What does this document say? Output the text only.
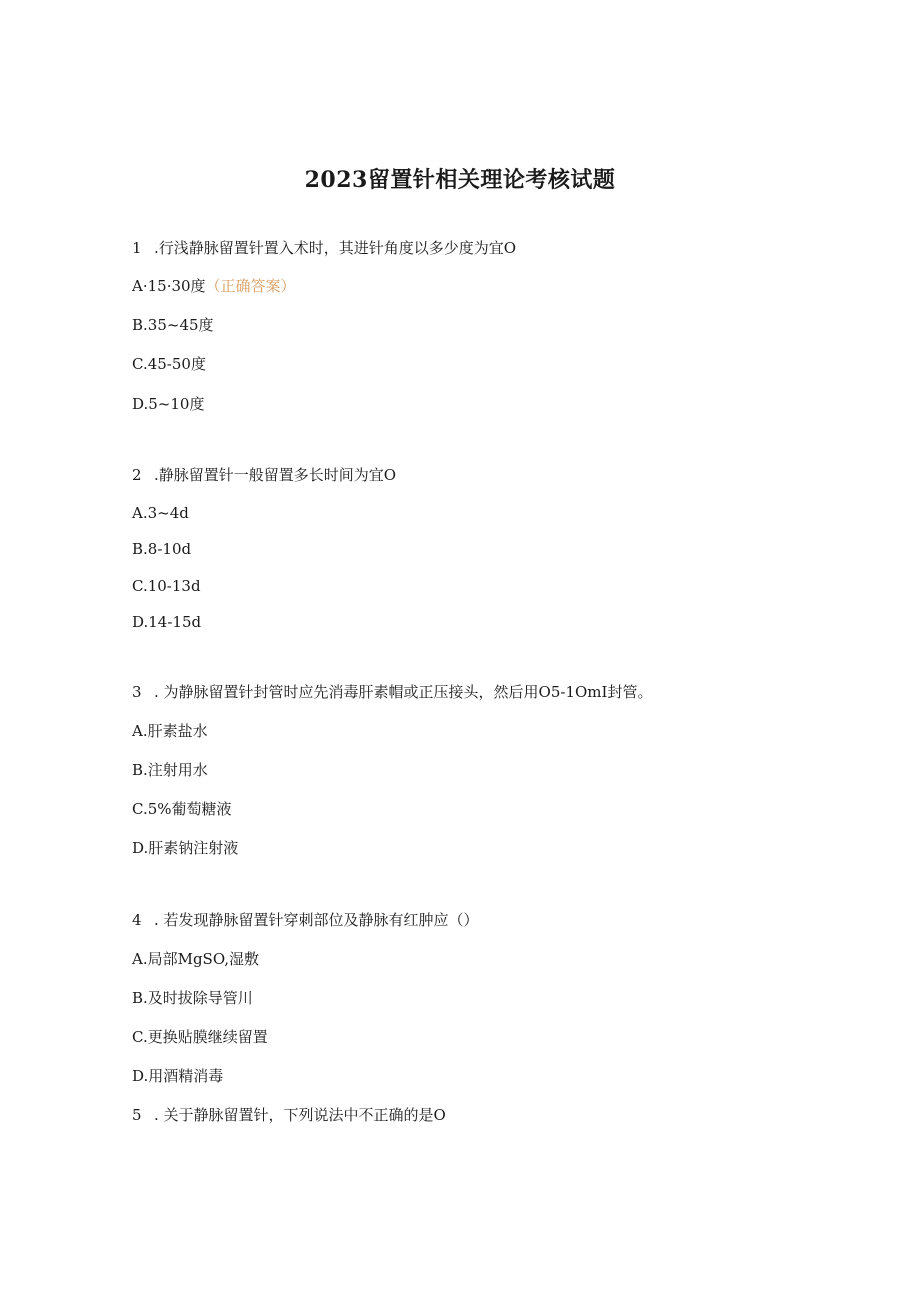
2023留置针相关理论考核试题
1 .行浅静脉留置针置入术时，其进针角度以多少度为宜O
A·15·30度（正确答案）
B.35~45度
C.45-50度
D.5~10度
2 .静脉留置针一般留置多长时间为宜O
A.3~4d
B.8-10d
C.10-13d
D.14-15d
3 . 为静脉留置针封管时应先消毒肝素帽或正压接头，然后用O5-1OmI封管。
A.肝素盐水
B.注射用水
C.5%葡萄糖液
D.肝素钠注射液
4 . 若发现静脉留置针穿刺部位及静脉有红肿应（）
A.局部MgSO,湿敷
B.及时拔除导管川
C.更换贴膜继续留置
D.用酒精消毒
5 . 关于静脉留置针，下列说法中不正确的是O
